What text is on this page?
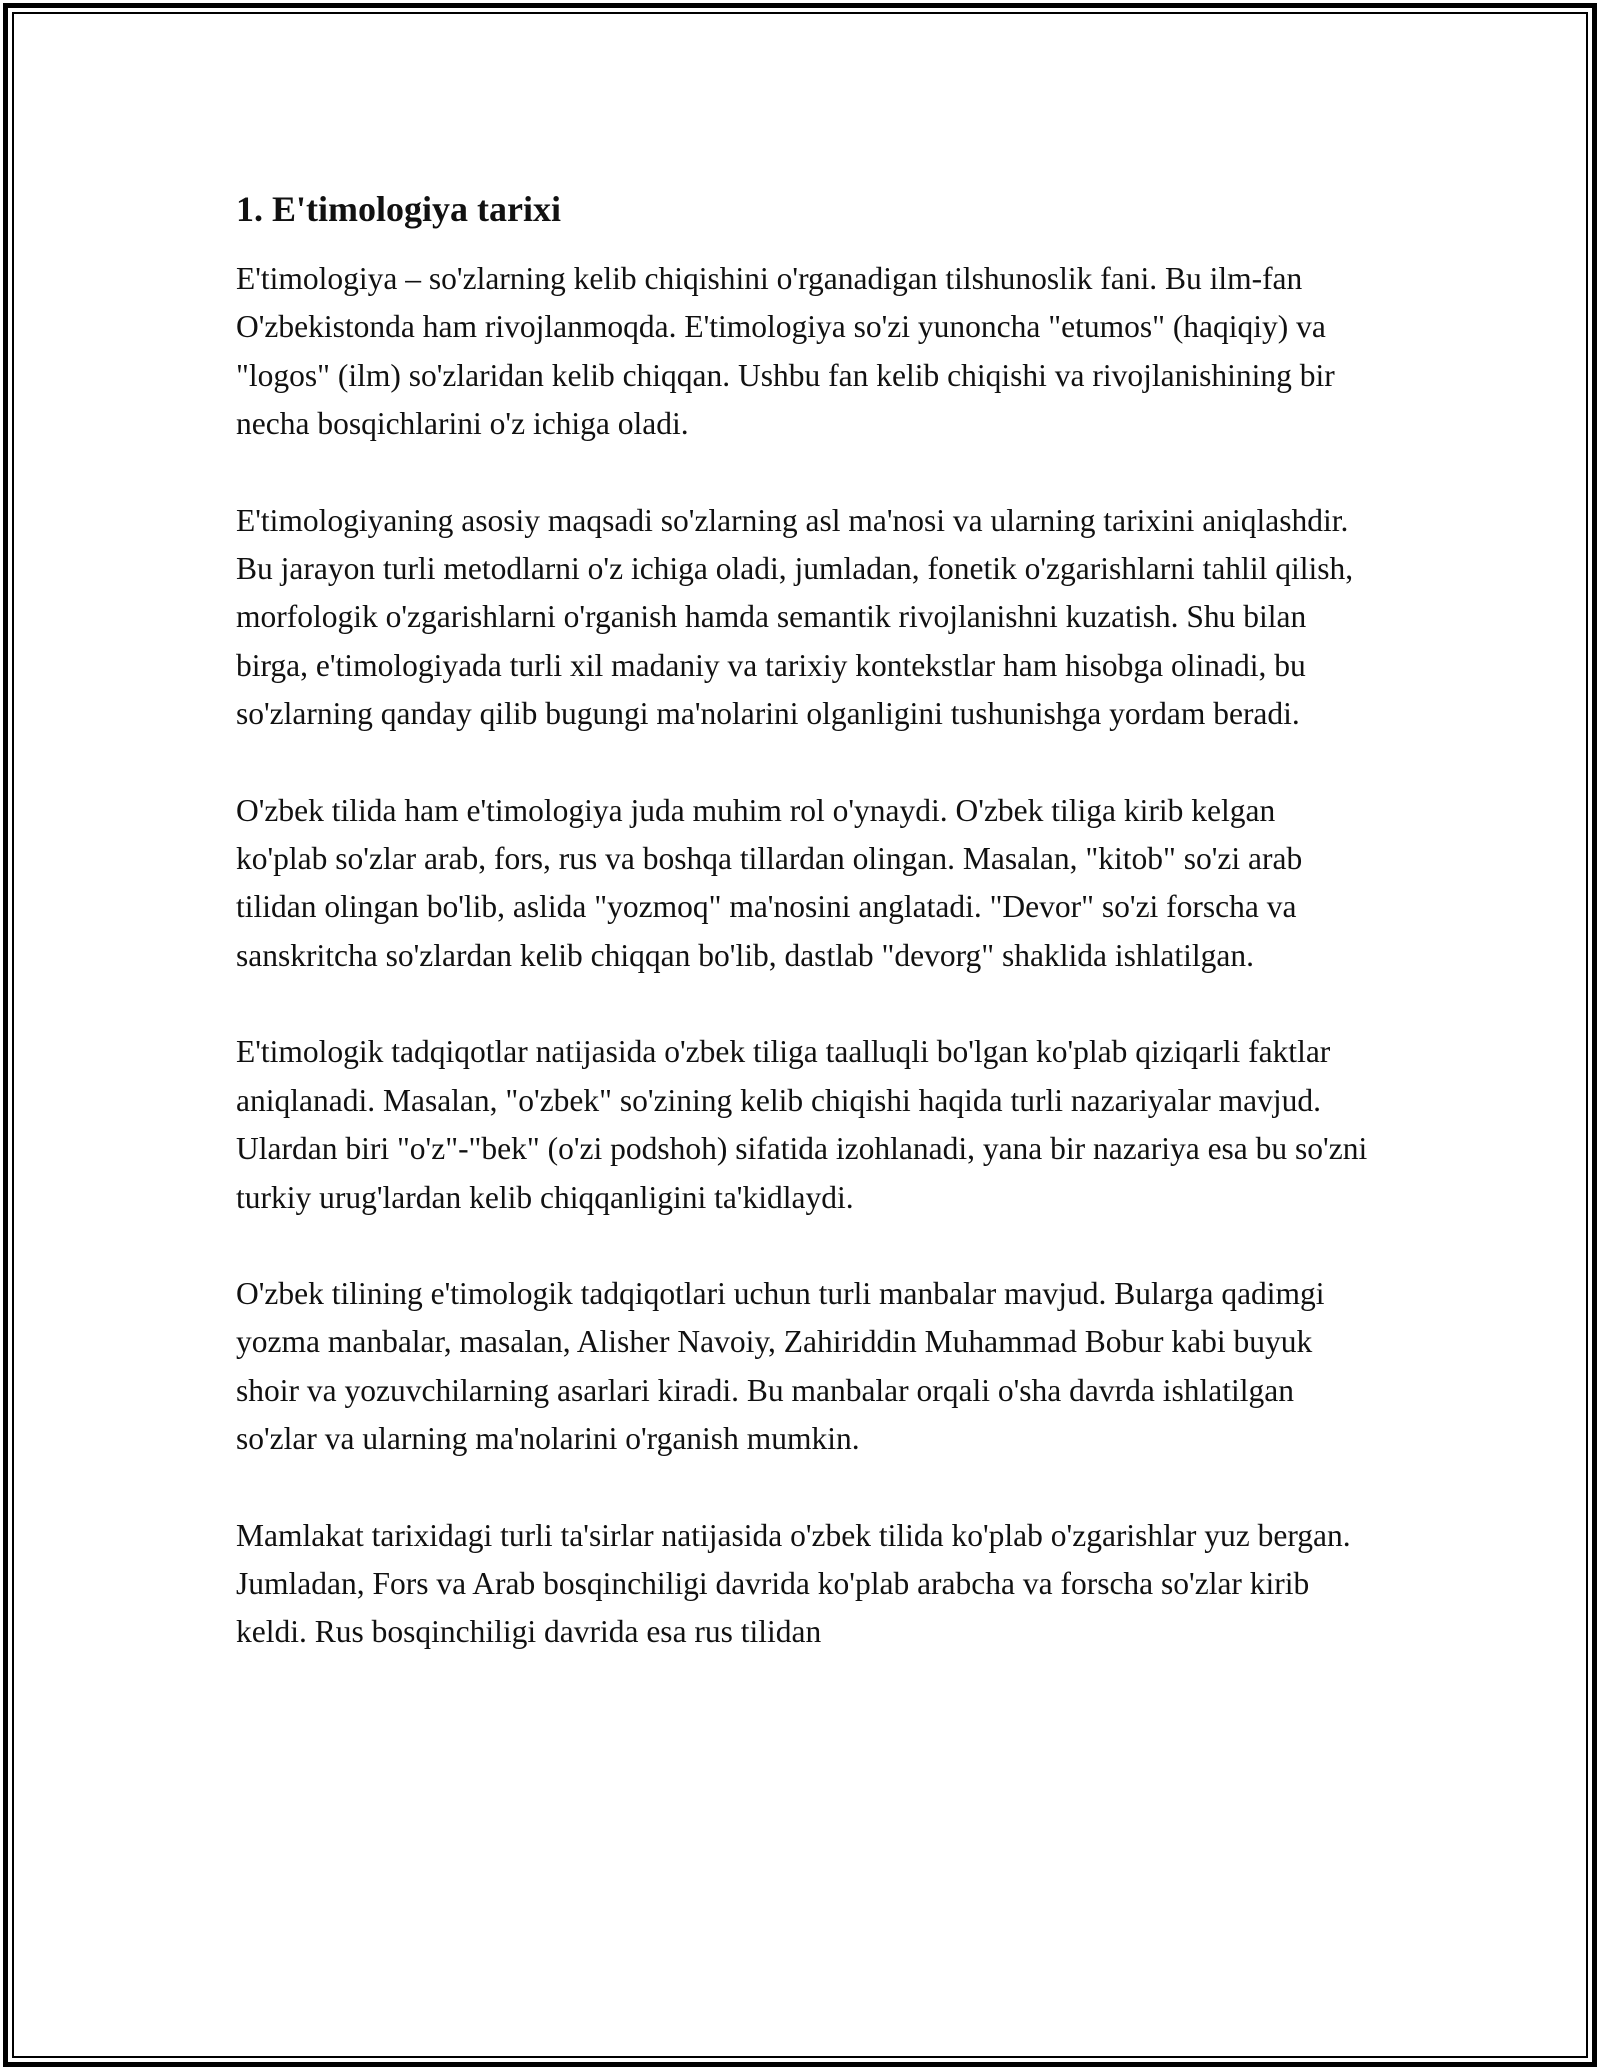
1. E'timologiya tarixi

E'timologiya – so'zlarning kelib chiqishini o'rganadigan tilshunoslik fani. Bu ilm-fan O'zbekistonda ham rivojlanmoqda. E'timologiya so'zi yunoncha "etumos" (haqiqiy) va "logos" (ilm) so'zlaridan kelib chiqqan. Ushbu fan kelib chiqishi va rivojlanishining bir necha bosqichlarini o'z ichiga oladi.

E'timologiyaning asosiy maqsadi so'zlarning asl ma'nosi va ularning tarixini aniqlashdir. Bu jarayon turli metodlarni o'z ichiga oladi, jumladan, fonetik o'zgarishlarni tahlil qilish, morfologik o'zgarishlarni o'rganish hamda semantik rivojlanishni kuzatish. Shu bilan birga, e'timologiyada turli xil madaniy va tarixiy kontekstlar ham hisobga olinadi, bu so'zlarning qanday qilib bugungi ma'nolarini olganligini tushunishga yordam beradi.

O'zbek tilida ham e'timologiya juda muhim rol o'ynaydi. O'zbek tiliga kirib kelgan ko'plab so'zlar arab, fors, rus va boshqa tillardan olingan. Masalan, "kitob" so'zi arab tilidan olingan bo'lib, aslida "yozmoq" ma'nosini anglatadi. "Devor" so'zi forscha va sanskritcha so'zlardan kelib chiqqan bo'lib, dastlab "devorg" shaklida ishlatilgan.

E'timologik tadqiqotlar natijasida o'zbek tiliga taalluqli bo'lgan ko'plab qiziqarli faktlar aniqlanadi. Masalan, "o'zbek" so'zining kelib chiqishi haqida turli nazariyalar mavjud. Ulardan biri "o'z"-"bek" (o'zi podshoh) sifatida izohlanadi, yana bir nazariya esa bu so'zni turkiy urug'lardan kelib chiqqanligini ta'kidlaydi.

O'zbek tilining e'timologik tadqiqotlari uchun turli manbalar mavjud. Bularga qadimgi yozma manbalar, masalan, Alisher Navoiy, Zahiriddin Muhammad Bobur kabi buyuk shoir va yozuvchilarning asarlari kiradi. Bu manbalar orqali o'sha davrda ishlatilgan so'zlar va ularning ma'nolarini o'rganish mumkin.

Mamlakat tarixidagi turli ta'sirlar natijasida o'zbek tilida ko'plab o'zgarishlar yuz bergan. Jumladan, Fors va Arab bosqinchiligi davrida ko'plab arabcha va forscha so'zlar kirib keldi. Rus bosqinchiligi davrida esa rus tilidan
